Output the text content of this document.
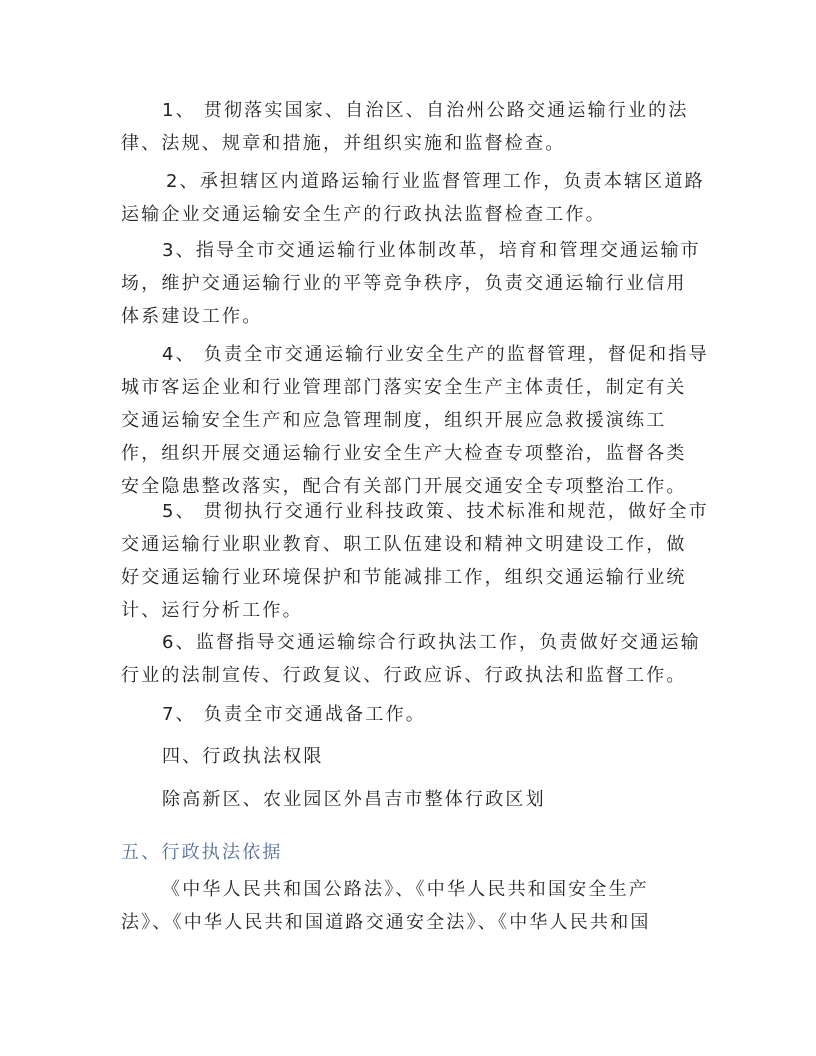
1、 贯彻落实国家、自治区、自治州公路交通运输行业的法
律、法规、规章和措施，并组织实施和监督检查。
2、承担辖区内道路运输行业监督管理工作，负责本辖区道路
运输企业交通运输安全生产的行政执法监督检查工作。
3、指导全市交通运输行业体制改革，培育和管理交通运输市
场，维护交通运输行业的平等竞争秩序，负责交通运输行业信用
体系建设工作。
4、 负责全市交通运输行业安全生产的监督管理，督促和指导
城市客运企业和行业管理部门落实安全生产主体责任，制定有关
交通运输安全生产和应急管理制度，组织开展应急救援演练工
作，组织开展交通运输行业安全生产大检查专项整治，监督各类
安全隐患整改落实，配合有关部门开展交通安全专项整治工作。
5、 贯彻执行交通行业科技政策、技术标准和规范，做好全市
交通运输行业职业教育、职工队伍建设和精神文明建设工作，做
好交通运输行业环境保护和节能减排工作，组织交通运输行业统
计、运行分析工作。
6、监督指导交通运输综合行政执法工作，负责做好交通运输
行业的法制宣传、行政复议、行政应诉、行政执法和监督工作。
7、 负责全市交通战备工作。
四、行政执法权限
除高新区、农业园区外昌吉市整体行政区划

五、行政执法依据

《中华人民共和国公路法》、《中华人民共和国安全生产
法》、《中华人民共和国道路交通安全法》、《中华人民共和国
